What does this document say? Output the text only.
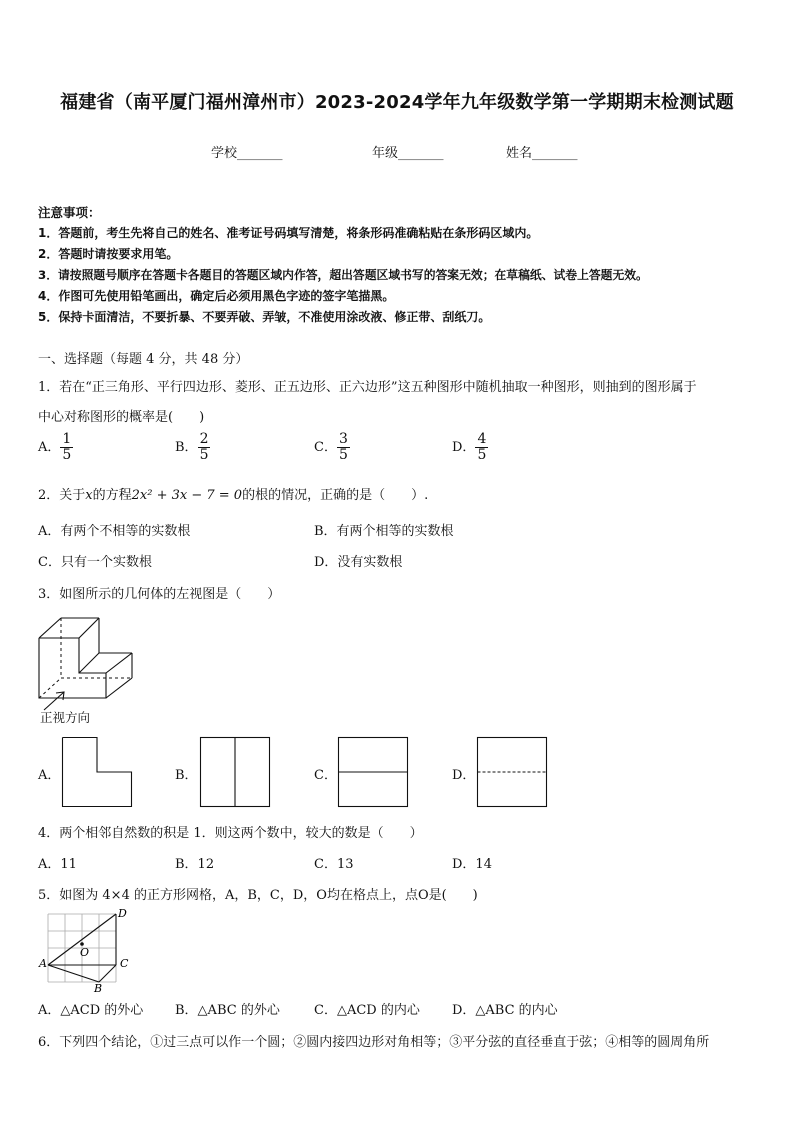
福建省（南平厦门福州漳州市）2023-2024学年九年级数学第一学期期末检测试题
学校_______	年级_______	姓名_______
注意事项：
1．答题前，考生先将自己的姓名、准考证号码填写清楚，将条形码准确粘贴在条形码区域内。
2．答题时请按要求用笔。
3．请按照题号顺序在答题卡各题目的答题区域内作答，超出答题区域书写的答案无效；在草稿纸、试卷上答题无效。
4．作图可先使用铅笔画出，确定后必须用黑色字迹的签字笔描黑。
5．保持卡面清洁，不要折暴、不要弄破、弄皱，不准使用涂改液、修正带、刮纸刀。
一、选择题（每题 4 分，共 48 分）
1．若在“正三角形、平行四边形、菱形、正五边形、正六边形”这五种图形中随机抽取一种图形，则抽到的图形属于
中心对称图形的概率是(　　)
A． $\frac{1}{5}$	B． $\frac{2}{5}$	C． $\frac{3}{5}$	D． $\frac{4}{5}$
2．关于x的方程2x² + 3x − 7 = 0的根的情况，正确的是（　　）.
A．有两个不相等的实数根	B．有两个相等的实数根
C．只有一个实数根	D．没有实数根
3．如图所示的几何体的左视图是（　　）
正视方向
A．	B．	C．	D．
4．两个相邻自然数的积是 1．则这两个数中，较大的数是（　　）
A．11	B．12	C．13	D．14
5．如图为 4×4 的正方形网格，A，B，C，D，O均在格点上，点O是(　　)
A
B
C
D
O
A．△ACD 的外心 B．△ABC 的外心	C．△ACD 的内心 D．△ABC 的内心
6．下列四个结论，①过三点可以作一个圆；②圆内接四边形对角相等；③平分弦的直径垂直于弦；④相等的圆周角所
